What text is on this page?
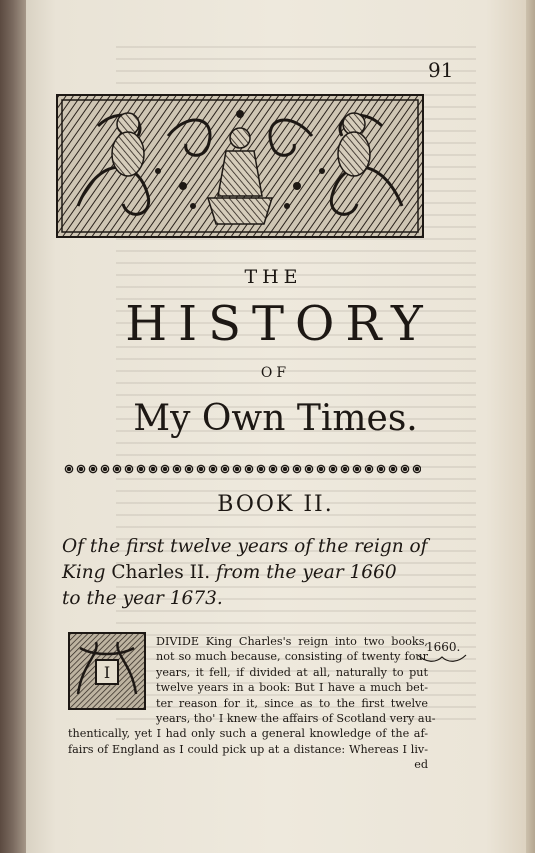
91
THE
HISTORY
OF
My Own Times.
BOOK II.
Of the first twelve years of the reign of
King Charles II. from the year 1660
to the year 1673.
I
DIVIDE King Charles's reign into two books,
not so much because, consisting of twenty four
years, it fell, if divided at all, naturally to put
twelve years in a book: But I have a much bet-
ter reason for it, since as to the first twelve
years, tho' I knew the affairs of Scotland very au-
thentically, yet I had only such a general knowledge of the af-
fairs of England as I could pick up at a distance: Whereas I liv-
ed
1660.
